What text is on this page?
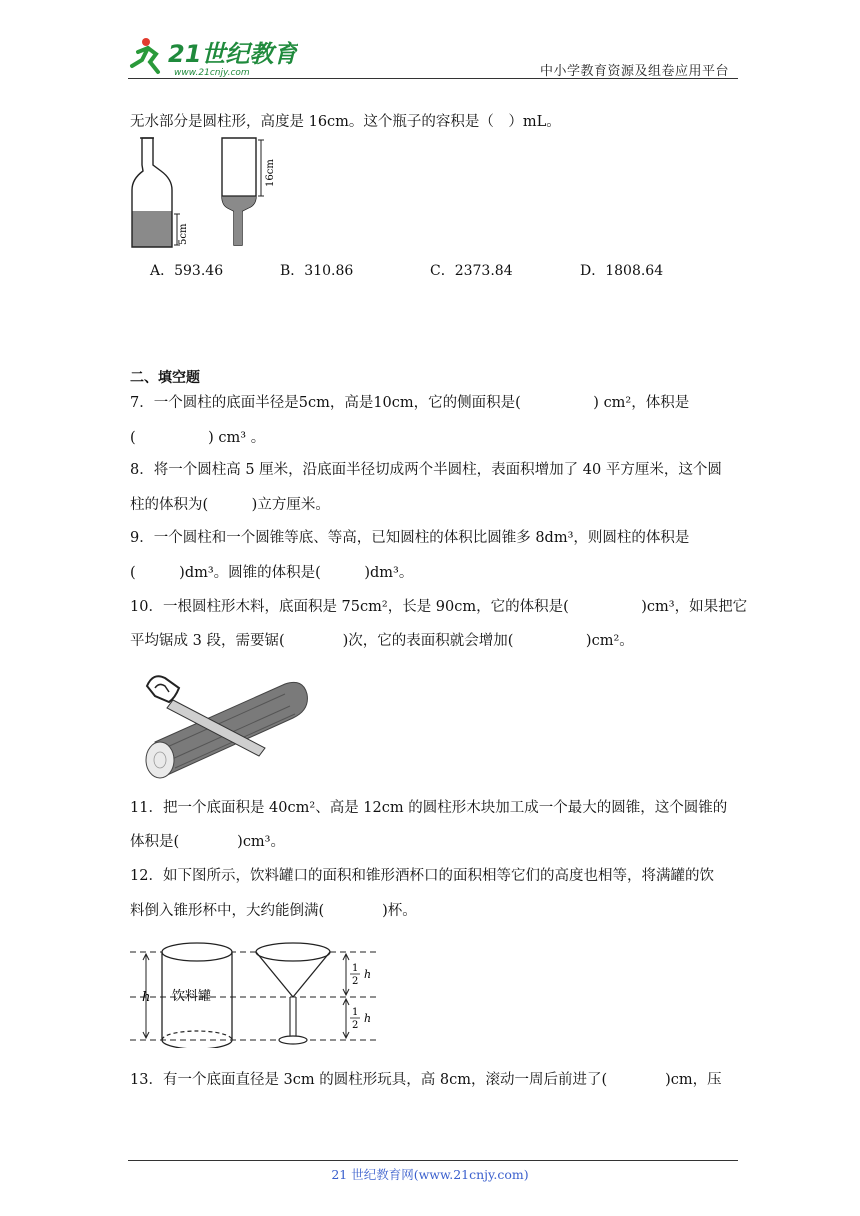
21世纪教育
www.21cnjy.com	中小学教育资源及组卷应用平台
无水部分是圆柱形，高度是 16cm。这个瓶子的容积是（　）mL。
5cm
16cm
A．593.46	B．310.86	C．2373.84	D．1808.64
二、填空题
7．一个圆柱的底面半径是5cm，高是10cm，它的侧面积是(　　　　　) cm²，体积是
(　　　　　) cm³ 。
8．将一个圆柱高 5 厘米，沿底面半径切成两个半圆柱，表面积增加了 40 平方厘米，这个圆
柱的体积为(　　　)立方厘米。
9．一个圆柱和一个圆锥等底、等高，已知圆柱的体积比圆锥多 8dm³，则圆柱的体积是
(　　　)dm³。圆锥的体积是(　　　)dm³。
10．一根圆柱形木料，底面积是 75cm²，长是 90cm，它的体积是(　　　　　)cm³，如果把它
平均锯成 3 段，需要锯(　　　　)次，它的表面积就会增加(　　　　　)cm²。
11．把一个底面积是 40cm²、高是 12cm 的圆柱形木块加工成一个最大的圆锥，这个圆锥的
体积是(　　　　)cm³。
12．如下图所示，饮料罐口的面积和锥形酒杯口的面积相等它们的高度也相等，将满罐的饮
料倒入锥形杯中，大约能倒满(　　　　)杯。
h 饮料罐
1
2
h
1
2
h
13．有一个底面直径是 3cm 的圆柱形玩具，高 8cm，滚动一周后前进了(　　　　)cm，压
21 世纪教育网(www.21cnjy.com)
